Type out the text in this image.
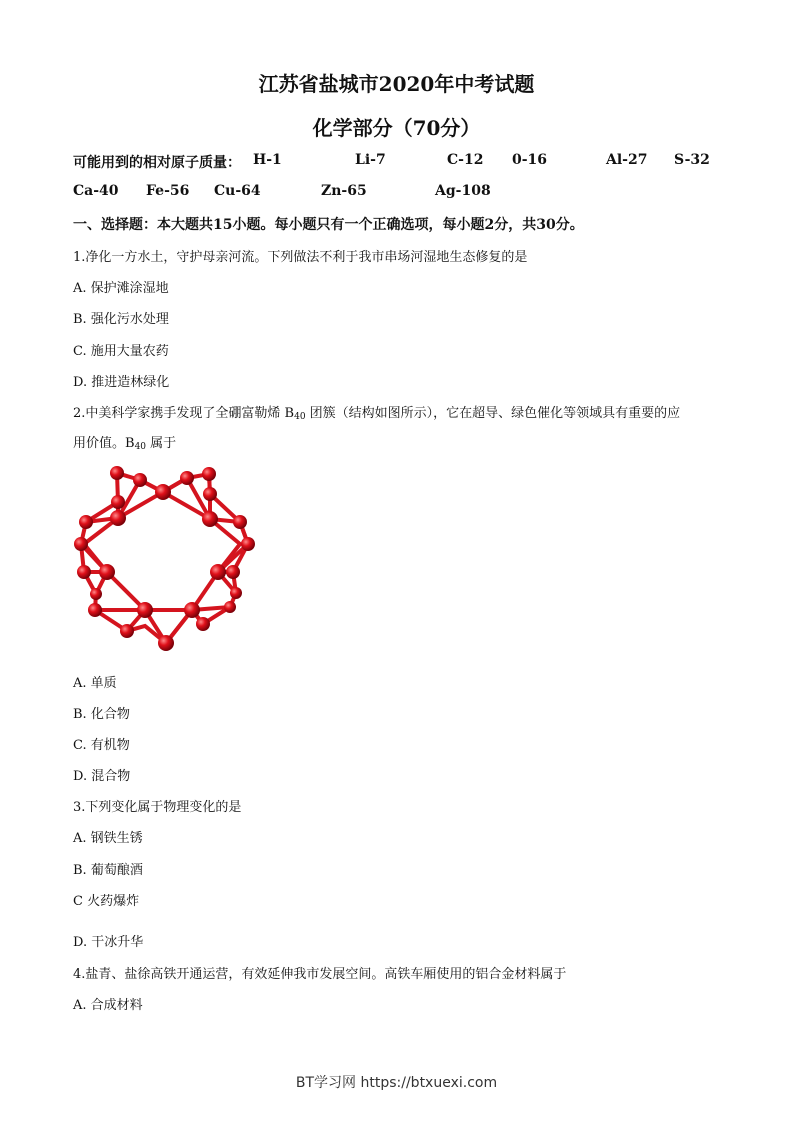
江苏省盐城市2020年中考试题
化学部分（70分）
可能用到的相对原子质量： H-1	Li-7	C-12 0-16	Al-27 S-32
Ca-40 Fe-56 Cu-64	Zn-65	Ag-108
一、选择题：本大题共15小题。每小题只有一个正确选项，每小题2分，共30分。
1.净化一方水土，守护母亲河流。下列做法不利于我市串场河湿地生态修复的是
A. 保护滩涂湿地
B. 强化污水处理
C. 施用大量农药
D. 推进造林绿化
2.中美科学家携手发现了全硼富勒烯 $B_{40}$ 团簇（结构如图所示），它在超导、绿色催化等领域具有重要的应
用价值。$B_{40}$ 属于
A. 单质
B. 化合物
C. 有机物
D. 混合物
3.下列变化属于物理变化的是
A. 钢铁生锈
B. 葡萄酿酒
C 火药爆炸
D. 干冰升华
4.盐青、盐徐高铁开通运营，有效延伸我市发展空间。高铁车厢使用的铝合金材料属于
A. 合成材料
BT学习网 https://btxuexi.com
